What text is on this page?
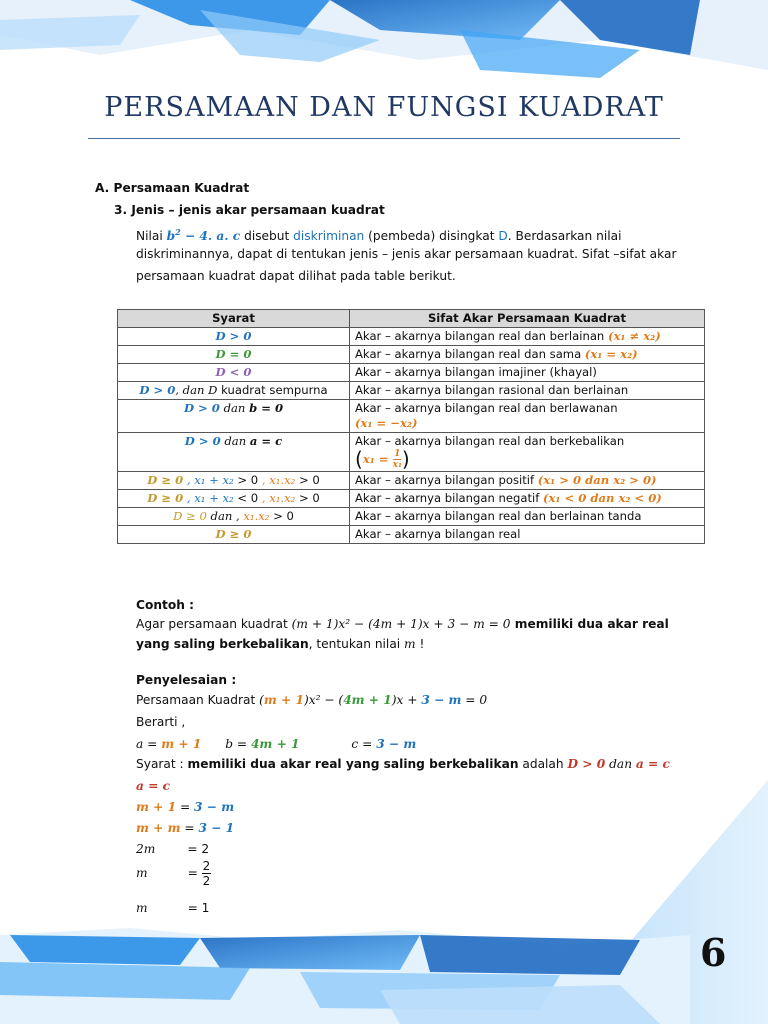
PERSAMAAN DAN FUNGSI KUADRAT
A. Persamaan Kuadrat
3. Jenis – jenis akar persamaan kuadrat
Nilai $b^2 - 4$. a. c disebut diskriminan (pembeda) disingkat D. Berdasarkan nilai
diskriminannya, dapat di tentukan jenis – jenis akar persamaan kuadrat. Sifat –sifat akar
persamaan kuadrat dapat dilihat pada table berikut.
Syarat	Sifat Akar Persamaan Kuadrat
D > 0	Akar – akarnya bilangan real dan berlainan (x₁ ≠ x₂)
D = 0	Akar – akarnya bilangan real dan sama (x₁ = x₂)
D < 0	Akar – akarnya bilangan imajiner (khayal)
D > 0, dan D kuadrat sempurna	Akar – akarnya bilangan rasional dan berlainan
D > 0 dan b = 0	Akar – akarnya bilangan real dan berlawanan
(x₁ = −x₂)
D > 0 dan a = c	Akar – akarnya bilangan real dan berkebalikan
($x_1 = \frac{1}{\text{x₁}}$ )
D ≥ 0 , x₁ + x₂ > 0 , x₁.x₂ > 0	Akar – akarnya bilangan positif (x₁ > 0 dan x₂ > 0)
D ≥ 0 , x₁ + x₂ < 0 , x₁.x₂ > 0	Akar – akarnya bilangan negatif (x₁ < 0 dan x₂ < 0)
D ≥ 0 dan , x₁.x₂ > 0	Akar – akarnya bilangan real dan berlainan tanda
D ≥ 0	Akar – akarnya bilangan real
Contoh :
Agar persamaan kuadrat (m + 1)x² − (4m + 1)x + 3 − m = 0 memiliki dua akar real
yang saling berkebalikan, tentukan nilai m !
Penyelesaian :
Persamaan Kuadrat (m + 1)x² − (4m + 1)x + 3 − m = 0
Berarti ,
a = m + 1 b = 4m + 1	c = 3 − m
Syarat : memiliki dua akar real yang saling berkebalikan adalah D > 0 dan a = c
a = c
m + 1 = 3 − m
m + m = 3 − 1
2m	= 2
m	= $\frac{2}{2}$
m	= 1
6
